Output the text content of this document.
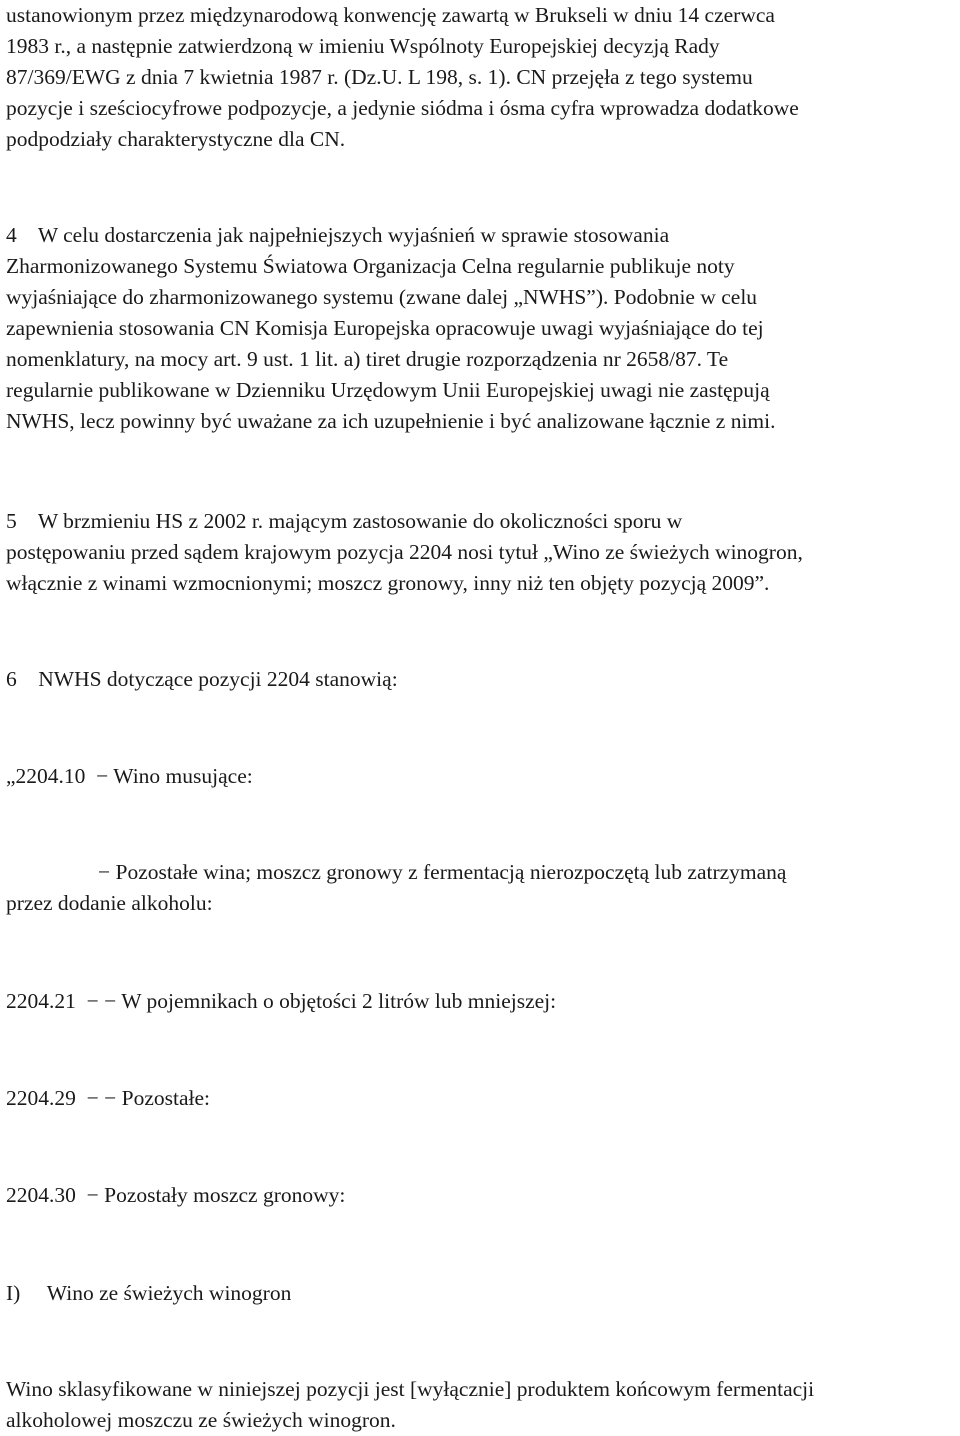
ustanowionym przez międzynarodową konwencję zawartą w Brukseli w dniu 14 czerwca
1983 r., a następnie zatwierdzoną w imieniu Wspólnoty Europejskiej decyzją Rady
87/369/EWG z dnia 7 kwietnia 1987 r. (Dz.U. L 198, s. 1). CN przejęła z tego systemu
pozycje i sześciocyfrowe podpozycje, a jedynie siódma i ósma cyfra wprowadza dodatkowe
podpodziały charakterystyczne dla CN.
4    W celu dostarczenia jak najpełniejszych wyjaśnień w sprawie stosowania
Zharmonizowanego Systemu Światowa Organizacja Celna regularnie publikuje noty
wyjaśniające do zharmonizowanego systemu (zwane dalej „NWHS”). Podobnie w celu
zapewnienia stosowania CN Komisja Europejska opracowuje uwagi wyjaśniające do tej
nomenklatury, na mocy art. 9 ust. 1 lit. a) tiret drugie rozporządzenia nr 2658/87. Te
regularnie publikowane w Dzienniku Urzędowym Unii Europejskiej uwagi nie zastępują
NWHS, lecz powinny być uważane za ich uzupełnienie i być analizowane łącznie z nimi.
5    W brzmieniu HS z 2002 r. mającym zastosowanie do okoliczności sporu w
postępowaniu przed sądem krajowym pozycja 2204 nosi tytuł „Wino ze świeżych winogron,
włącznie z winami wzmocnionymi; moszcz gronowy, inny niż ten objęty pozycją 2009”.
6    NWHS dotyczące pozycji 2204 stanowią:
„2204.10  − Wino musujące:
− Pozostałe wina; moszcz gronowy z fermentacją nierozpoczętą lub zatrzymaną
przez dodanie alkoholu:
2204.21  − − W pojemnikach o objętości 2 litrów lub mniejszej:
2204.29  − − Pozostałe:
2204.30  − Pozostały moszcz gronowy:
I)     Wino ze świeżych winogron
Wino sklasyfikowane w niniejszej pozycji jest [wyłącznie] produktem końcowym fermentacji
alkoholowej moszczu ze świeżych winogron.
